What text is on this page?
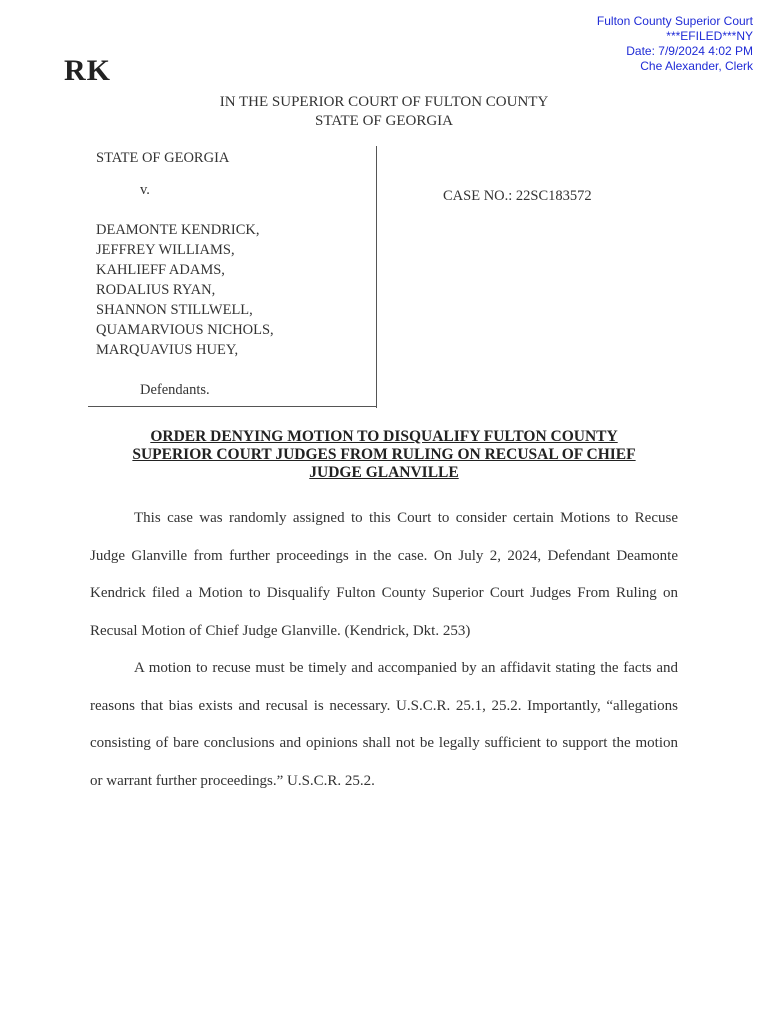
Fulton County Superior Court
***EFILED***NY
Date: 7/9/2024 4:02 PM
Che Alexander, Clerk
RK
IN THE SUPERIOR COURT OF FULTON COUNTY
STATE OF GEORGIA
STATE OF GEORGIA
v.
DEAMONTE KENDRICK,
JEFFREY WILLIAMS,
KAHLIEFF ADAMS,
RODALIUS RYAN,
SHANNON STILLWELL,
QUAMARVIOUS NICHOLS,
MARQUAVIUS HUEY,
Defendants.
CASE NO.: 22SC183572
ORDER DENYING MOTION TO DISQUALIFY FULTON COUNTY
SUPERIOR COURT JUDGES FROM RULING ON RECUSAL OF CHIEF
JUDGE GLANVILLE

This case was randomly assigned to this Court to consider certain Motions to Recuse Judge Glanville from further proceedings in the case. On July 2, 2024, Defendant Deamonte Kendrick filed a Motion to Disqualify Fulton County Superior Court Judges From Ruling on Recusal Motion of Chief Judge Glanville. (Kendrick, Dkt. 253)

A motion to recuse must be timely and accompanied by an affidavit stating the facts and reasons that bias exists and recusal is necessary. U.S.C.R. 25.1, 25.2. Importantly, “allegations consisting of bare conclusions and opinions shall not be legally sufficient to support the motion or warrant further proceedings.” U.S.C.R. 25.2.
